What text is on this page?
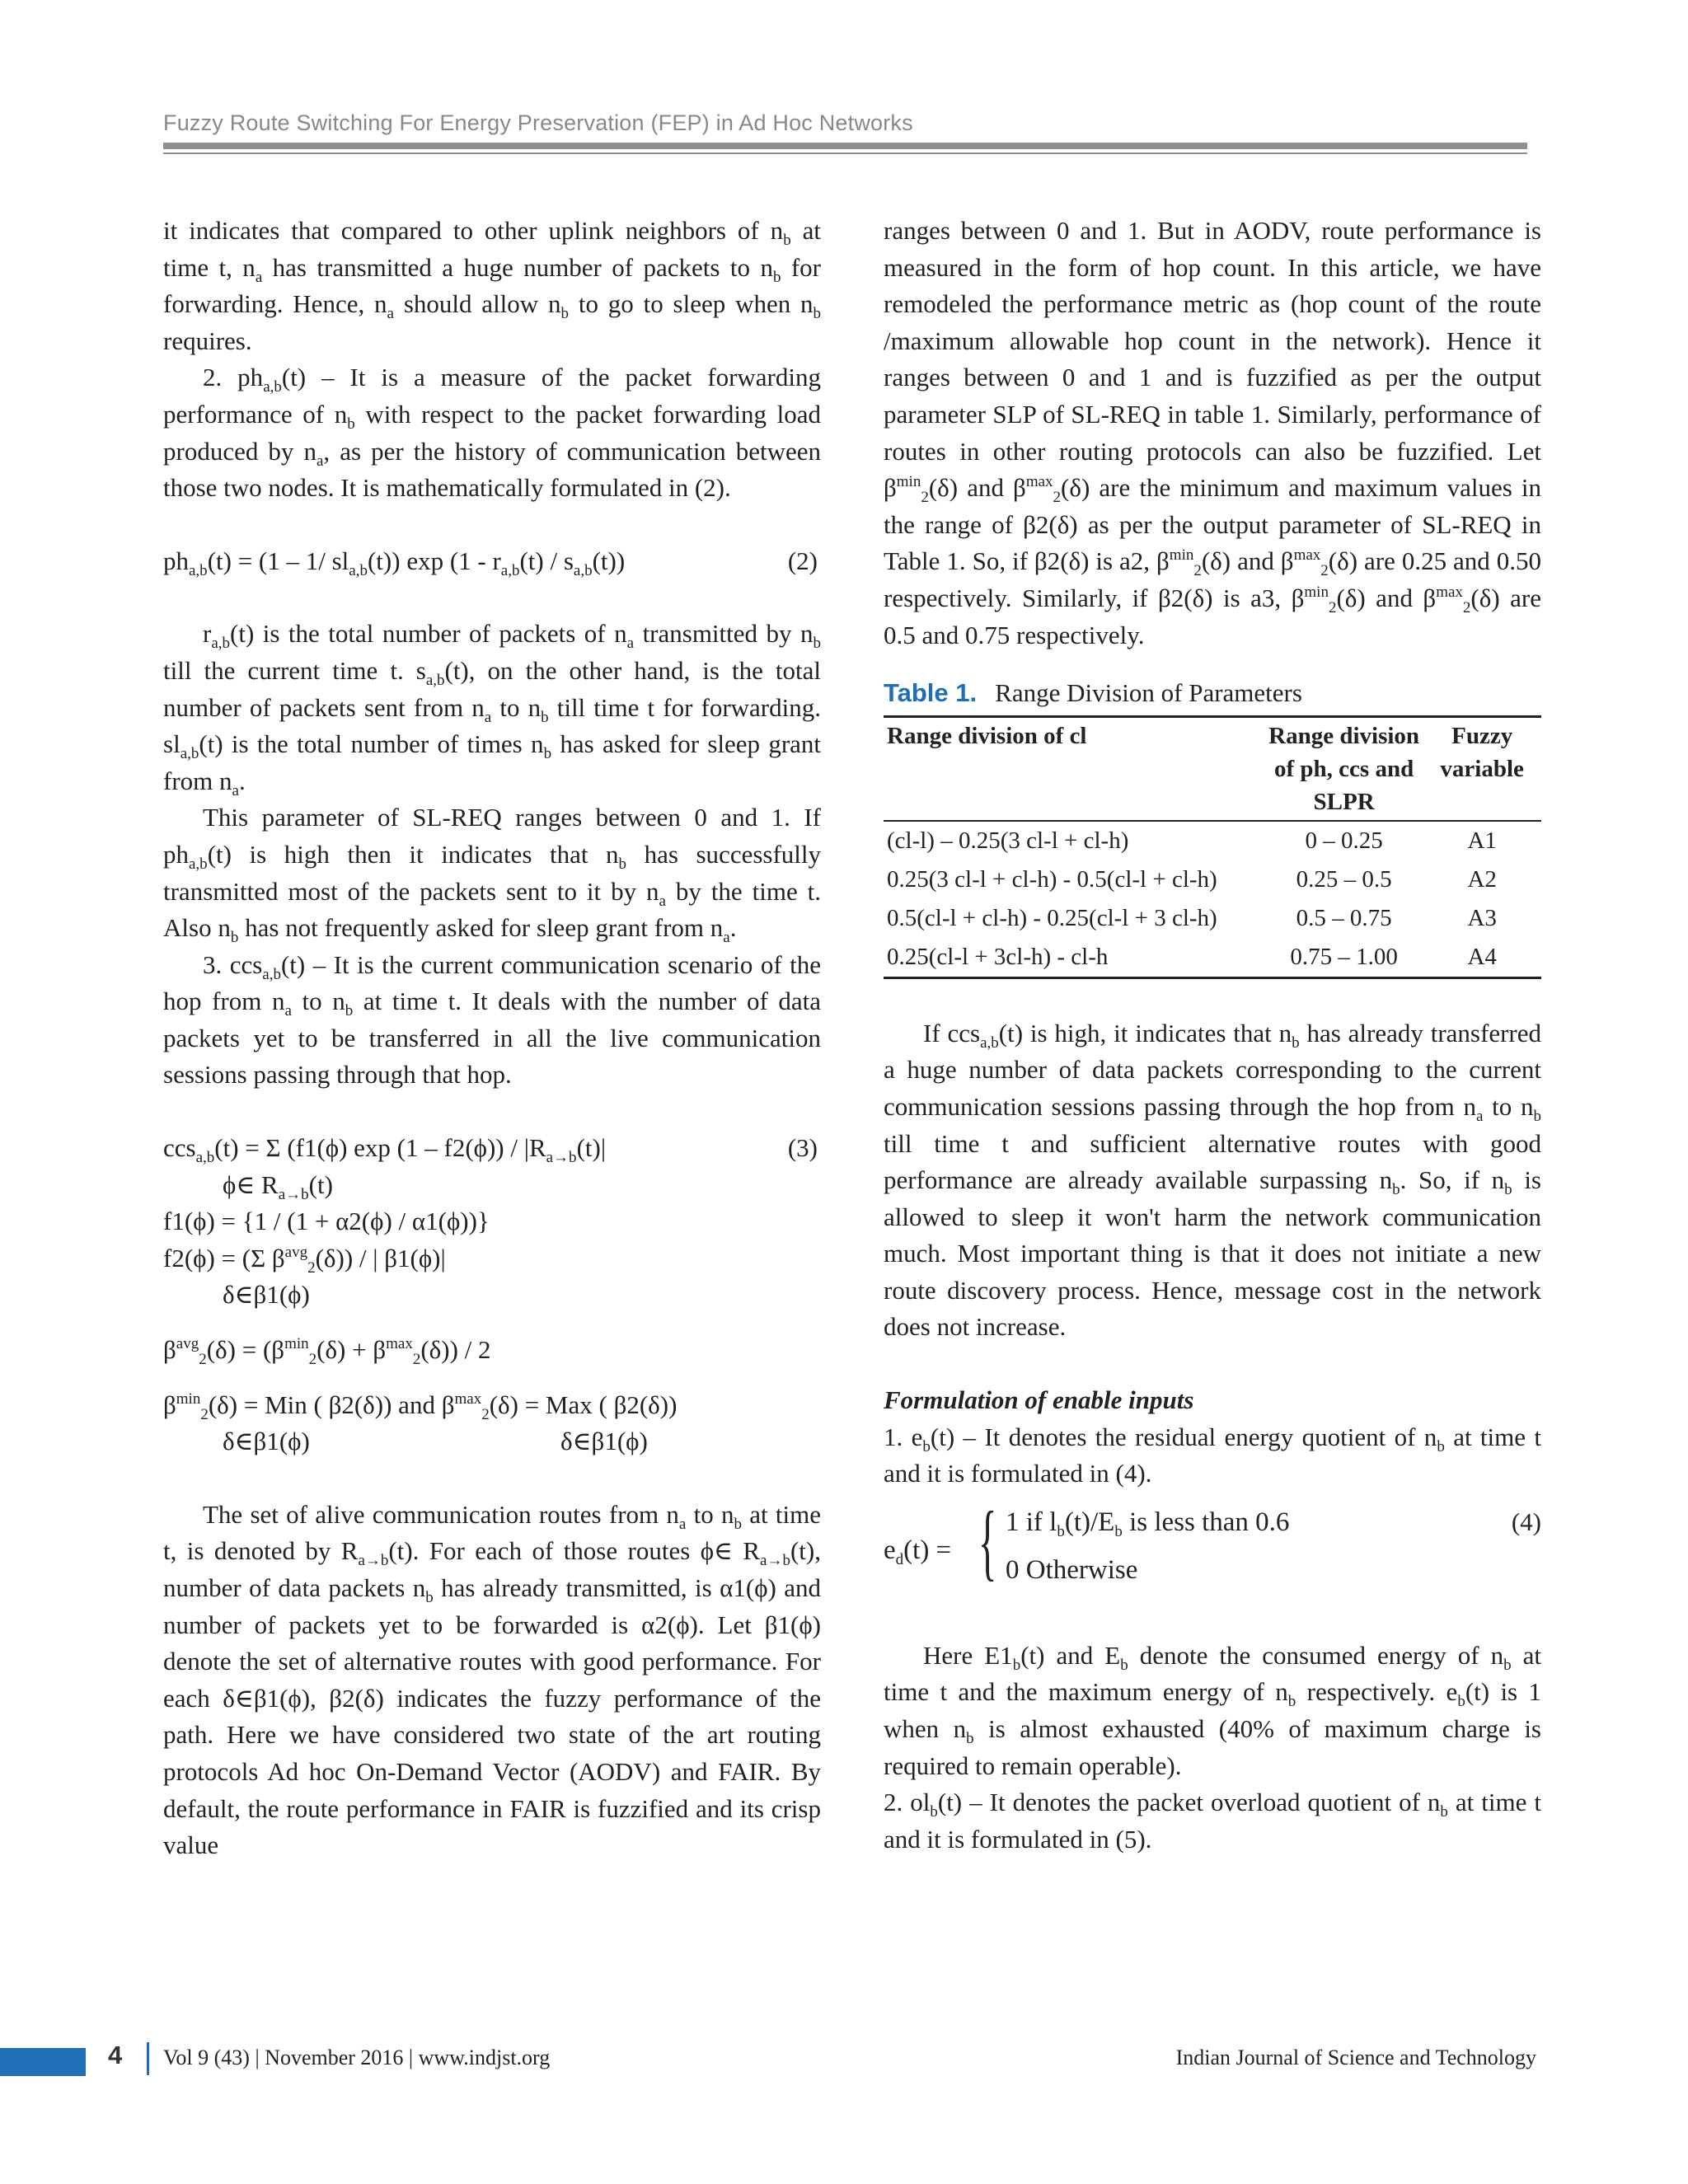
Fuzzy Route Switching For Energy Preservation (FEP) in Ad Hoc Networks

it indicates that compared to other uplink neighbors of $n_b$ at time t, $n_a$ has transmitted a huge number of packets to $n_b$ for forwarding. Hence, $n_a$ should allow $n_b$ to go to sleep when $n_b$ requires.

2. $ph_{a,b}(t)$ – It is a measure of the packet forwarding performance of $n_b$ with respect to the packet forwarding load produced by $n_a$, as per the history of communication between those two nodes. It is mathematically formulated in (2).

$ph_{a,b}(t) = (1 - 1/$ $sl_{a,b}(t)$) $\exp (1 - r_{a,b}(t) / s_{a,b}(t))$	(2)

$r_{a,b}(t)$ is the total number of packets of $n_a$ transmitted by $n_b$ till the current time t. $s_{a,b}(t)$, on the other hand, is the total number of packets sent from $n_a$ to $n_b$ till time t for forwarding. $sl_{a,b}(t)$ is the total number of times $n_b$ has asked for sleep grant from $n_a$.

This parameter of SL-REQ ranges between 0 and 1. If $ph_{a,b}(t)$ is high then it indicates that $n_b$ has successfully transmitted most of the packets sent to it by $n_a$ by the time t. Also $n_b$ has not frequently asked for sleep grant from $n_a$.

3. ccs$_{a,b}$(t) – It is the current communication scenario of the hop from $n_a$ to $n_b$ at time t. It deals with the number of data packets yet to be transferred in all the live communication sessions passing through that hop.

ccs$_{a,b}$(t) = Σ (f1(ϕ) $\exp (1 - f2(\phi)) / |R_{a\to b}(t)|$	(3)
ϕ∈ $R_{a\to b}(t)$
f1(ϕ) = {1 / (1 + α2(ϕ) / α1(ϕ))}
f2(ϕ) = (Σ $\beta^{avg}_2(\delta)$) / | β1(ϕ)|
δ∈β1(ϕ)
$\beta^{avg}_2(\delta) = (\beta^{min}_2(\delta) + \beta^{max}_2(\delta)) / 2$
$\beta^{min}_2(\delta)$ = Min ( β2(δ)) and $\beta^{max}_2(\delta)$ = Max ( β2(δ))
δ∈β1(ϕ)	δ∈β1(ϕ)

The set of alive communication routes from $n_a$ to $n_b$ at time t, is denoted by $R_{a\to b}(t)$. For each of those routes ϕ∈ $R_{a\to b}(t)$, number of data packets $n_b$ has already transmitted, is α1(ϕ) and number of packets yet to be forwarded is α2(ϕ). Let β1(ϕ) denote the set of alternative routes with good performance. For each δ∈β1(ϕ), β2(δ) indicates the fuzzy performance of the path. Here we have considered two state of the art routing protocols Ad hoc On-Demand Vector (AODV) and FAIR. By default, the route performance in FAIR is fuzzified and its crisp value

ranges between 0 and 1. But in AODV, route performance is measured in the form of hop count. In this article, we have remodeled the performance metric as (hop count of the route /maximum allowable hop count in the network). Hence it ranges between 0 and 1 and is fuzzified as per the output parameter SLP of SL-REQ in table 1. Similarly, performance of routes in other routing protocols can also be fuzzified. Let $\beta^{min}_2(\delta)$ and $\beta^{max}_2(\delta)$ are the minimum and maximum values in the range of β2(δ) as per the output parameter of SL-REQ in Table 1. So, if β2(δ) is a2, $\beta^{min}_2(\delta)$ and $\beta^{max}_2(\delta)$ are 0.25 and 0.50 respectively. Similarly, if β2(δ) is a3, $\beta^{min}_2(\delta)$ and $\beta^{max}_2(\delta)$ are 0.5 and 0.75 respectively.

Table 1. Range Division of Parameters
Range division of cl	Range division of ph, ccs and SLPR	Fuzzy variable
(cl-l) – 0.25(3 cl-l + cl-h)	0 – 0.25	A1
0.25(3 cl-l + cl-h) - 0.5(cl-l + cl-h)	0.25 – 0.5	A2
0.5(cl-l + cl-h) - 0.25(cl-l + 3 cl-h)	0.5 – 0.75	A3
0.25(cl-l + 3cl-h) - cl-h	0.75 – 1.00	A4

If ccs$_{a,b}$(t) is high, it indicates that $n_b$ has already transferred a huge number of data packets corresponding to the current communication sessions passing through the hop from $n_a$ to $n_b$ till time t and sufficient alternative routes with good performance are already available surpassing $n_b$. So, if $n_b$ is allowed to sleep it won't harm the network communication much. Most important thing is that it does not initiate a new route discovery process. Hence, message cost in the network does not increase.

Formulation of enable inputs

1. $e_b(t)$ – It denotes the residual energy quotient of $n_b$ at time t and it is formulated in (4).

$e_d(t)$ = { 1 if $l_b(t)/E_b$ is less than 0.6
0 Otherwise
(4)

Here $E1_b(t)$ and $E_b$ denote the consumed energy of $n_b$ at time t and the maximum energy of $n_b$ respectively. $e_b(t)$ is 1 when $n_b$ is almost exhausted (40% of maximum charge is required to remain operable).

2. $ol_b(t)$ – It denotes the packet overload quotient of $n_b$ at time t and it is formulated in (5).

4 Vol 9 (43) | November 2016 | www.indjst.org	Indian Journal of Science and Technology
